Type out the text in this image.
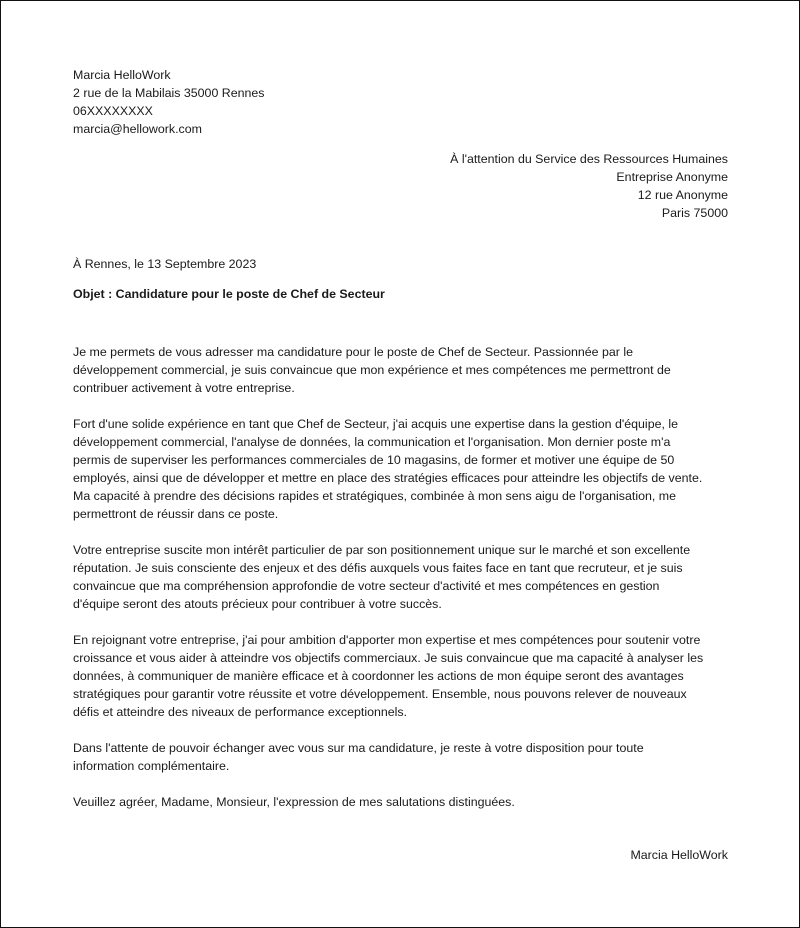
Marcia HelloWork
2 rue de la Mabilais 35000 Rennes
06XXXXXXXX
marcia@hellowork.com
À l'attention du Service des Ressources Humaines
Entreprise Anonyme
12 rue Anonyme
Paris 75000
À Rennes, le 13 Septembre 2023
Objet : Candidature pour le poste de Chef de Secteur

Je me permets de vous adresser ma candidature pour le poste de Chef de Secteur. Passionnée par le
développement commercial, je suis convaincue que mon expérience et mes compétences me permettront de
contribuer activement à votre entreprise.

Fort d'une solide expérience en tant que Chef de Secteur, j'ai acquis une expertise dans la gestion d'équipe, le
développement commercial, l'analyse de données, la communication et l'organisation. Mon dernier poste m'a
permis de superviser les performances commerciales de 10 magasins, de former et motiver une équipe de 50
employés, ainsi que de développer et mettre en place des stratégies efficaces pour atteindre les objectifs de vente.
Ma capacité à prendre des décisions rapides et stratégiques, combinée à mon sens aigu de l'organisation, me
permettront de réussir dans ce poste.

Votre entreprise suscite mon intérêt particulier de par son positionnement unique sur le marché et son excellente
réputation. Je suis consciente des enjeux et des défis auxquels vous faites face en tant que recruteur, et je suis
convaincue que ma compréhension approfondie de votre secteur d'activité et mes compétences en gestion
d'équipe seront des atouts précieux pour contribuer à votre succès.

En rejoignant votre entreprise, j'ai pour ambition d'apporter mon expertise et mes compétences pour soutenir votre
croissance et vous aider à atteindre vos objectifs commerciaux. Je suis convaincue que ma capacité à analyser les
données, à communiquer de manière efficace et à coordonner les actions de mon équipe seront des avantages
stratégiques pour garantir votre réussite et votre développement. Ensemble, nous pouvons relever de nouveaux
défis et atteindre des niveaux de performance exceptionnels.

Dans l'attente de pouvoir échanger avec vous sur ma candidature, je reste à votre disposition pour toute
information complémentaire.

Veuillez agréer, Madame, Monsieur, l'expression de mes salutations distinguées.

Marcia HelloWork
